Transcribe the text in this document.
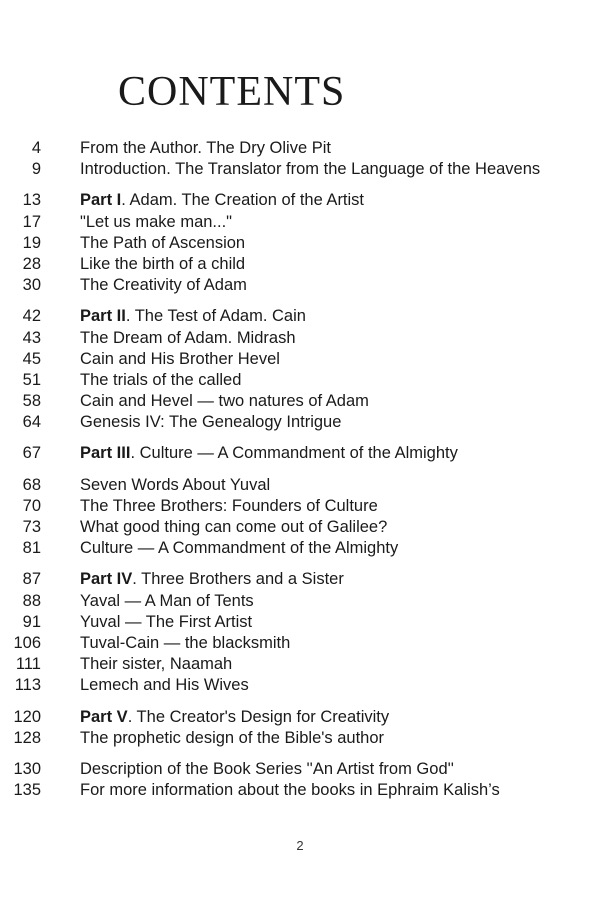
CONTENTS
4	From the Author. The Dry Olive Pit
9	Introduction. The Translator from the Language of the Heavens
13	Part I. Adam. The Creation of the Artist
17	"Let us make man..."
19	The Path of Ascension
28	Like the birth of a child
30	The Creativity of Adam
42	Part II. The Test of Adam. Cain
43	The Dream of Adam. Midrash
45	Cain and His Brother Hevel
51	The trials of the called
58	Cain and Hevel — two natures of Adam
64	Genesis IV: The Genealogy Intrigue
67	Part III. Culture — A Commandment of the Almighty
68	Seven Words About Yuval
70	The Three Brothers: Founders of Culture
73	What good thing can come out of Galilee?
81	Culture — A Commandment of the Almighty
87	Part IV. Three Brothers and a Sister
88	Yaval — A Man of Tents
91	Yuval — The First Artist
106	Tuval-Cain — the blacksmith
111	Their sister, Naamah
113	Lemech and His Wives
120	Part V. The Creator's Design for Creativity
128	The prophetic design of the Bible's author
130	Description of the Book Series ''An Artist from God''
135	For more information about the books in Ephraim Kalish’s
2
